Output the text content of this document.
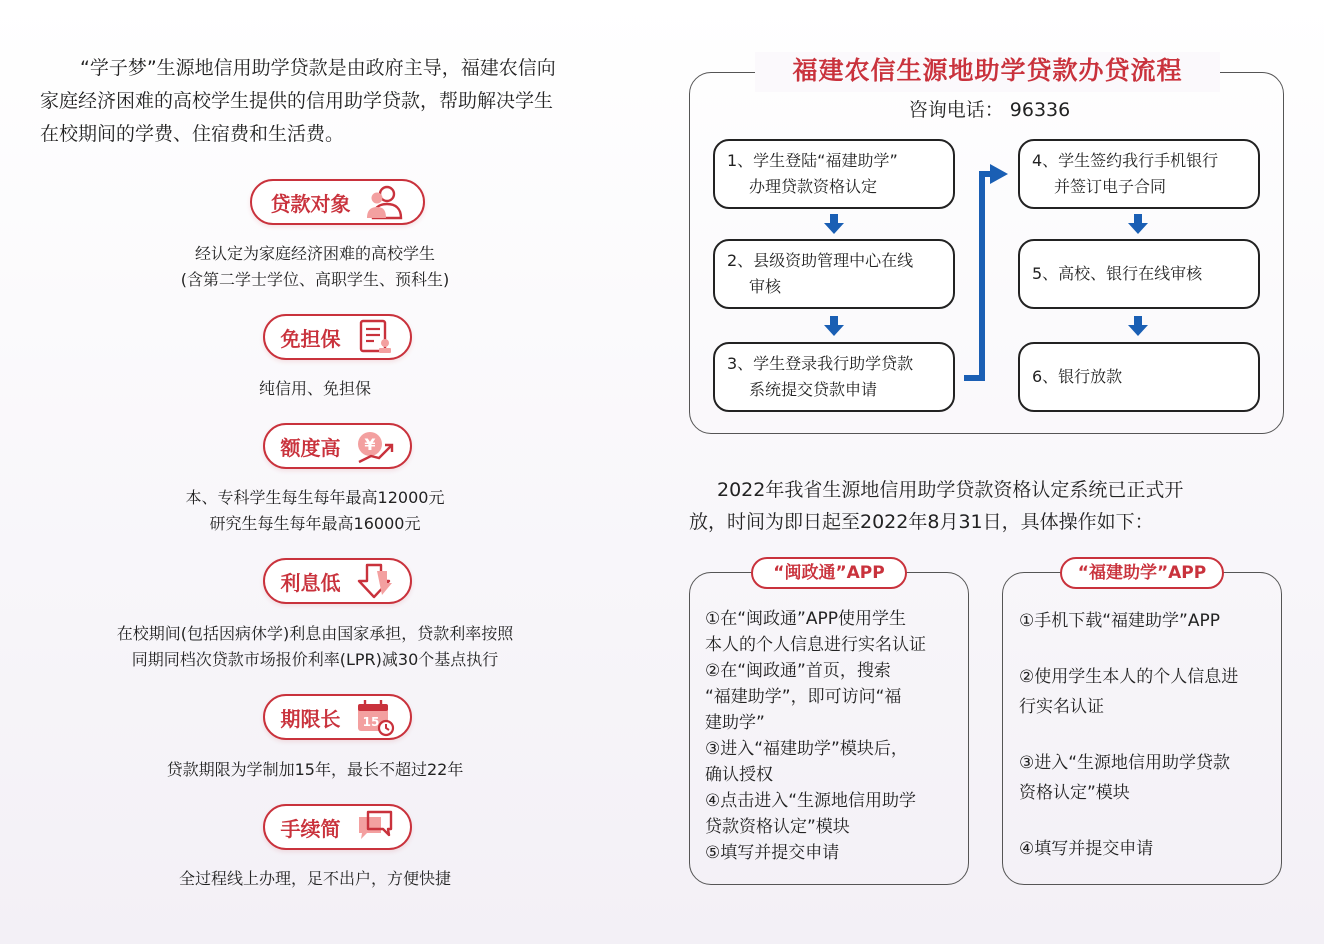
“学子梦”生源地信用助学贷款是由政府主导，福建农信向
家庭经济困难的高校学生提供的信用助学贷款，帮助解决学生
在校期间的学费、住宿费和生活费。
贷款对象
经认定为家庭经济困难的高校学生
(含第二学士学位、高职学生、预科生)
免担保
纯信用、免担保
额度高 ¥
本、专科学生每生每年最高12000元
研究生每生每年最高16000元
利息低
在校期间(包括因病休学)利息由国家承担，贷款利率按照
同期同档次贷款市场报价利率(LPR)减30个基点执行
期限长 15
贷款期限为学制加15年，最长不超过22年
手续简
全过程线上办理，足不出户，方便快捷
福建农信生源地助学贷款办贷流程
咨询电话： 96336
1、学生登陆“福建助学”
办理贷款资格认定
2、县级资助管理中心在线
审核
3、学生登录我行助学贷款
系统提交贷款申请
4、学生签约我行手机银行
并签订电子合同
5、高校、银行在线审核
6、银行放款
2022年我省生源地信用助学贷款资格认定系统已正式开
放，时间为即日起至2022年8月31日，具体操作如下：
“闽政通”APP

①在“闽政通”APP使用学生

本人的个人信息进行实名认证

②在“闽政通”首页，搜索

“福建助学”，即可访问“福

建助学”

③进入“福建助学”模块后，

确认授权

④点击进入“生源地信用助学

贷款资格认定”模块

⑤填写并提交申请

“福建助学”APP

①手机下载“福建助学”APP

②使用学生本人的个人信息进

行实名认证

③进入“生源地信用助学贷款

资格认定”模块

④填写并提交申请
